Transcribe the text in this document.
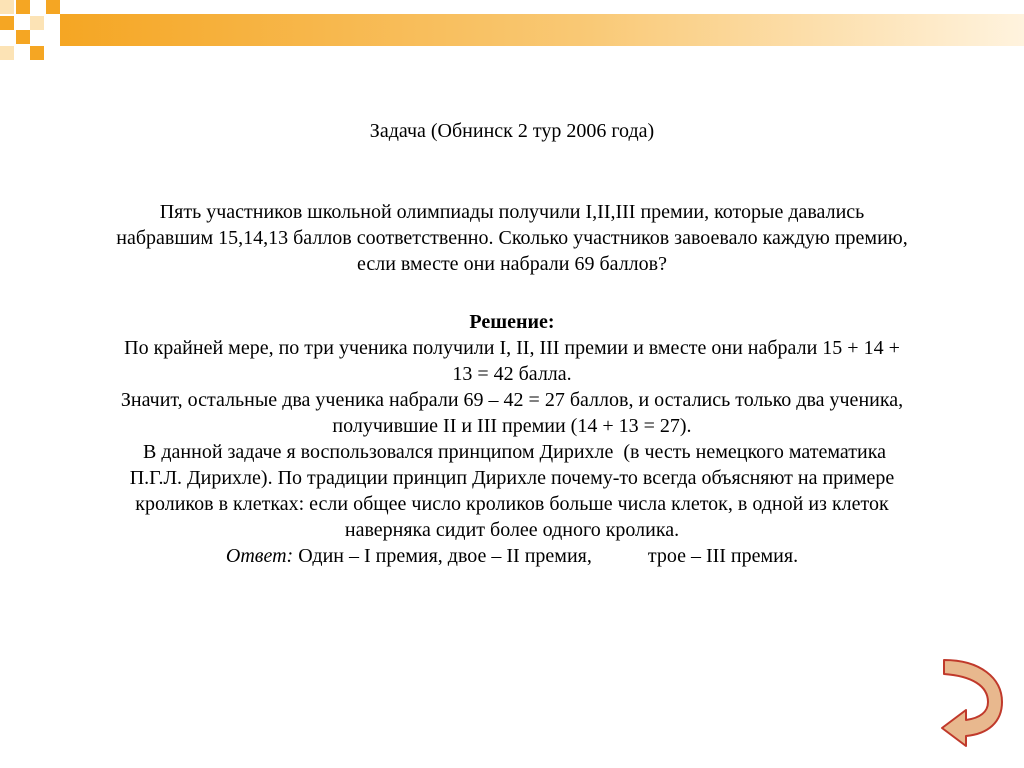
Задача (Обнинск 2 тур 2006 года)

Пять участников школьной олимпиады получили I,II,III премии, которые давались

набравшим 15,14,13 баллов соответственно. Сколько участников завоевало каждую премию,

если вместе они набрали 69 баллов?

Решение:

По крайней мере, по три ученика получили I, II, III премии и вместе они набрали 15 + 14 +

13 = 42 балла.

Значит, остальные два ученика набрали 69 – 42 = 27 баллов, и остались только два ученика,

получившие II и III премии (14 + 13 = 27).

В данной задаче я воспользовался принципом Дирихле  (в честь немецкого математика

П.Г.Л. Дирихле). По традиции принцип Дирихле почему-то всегда объясняют на примере

кроликов в клетках: если общее число кроликов больше числа клеток, в одной из клеток

наверняка сидит более одного кролика.

Ответ: Один – I премия, двое – II премия,	трое – III премия.
